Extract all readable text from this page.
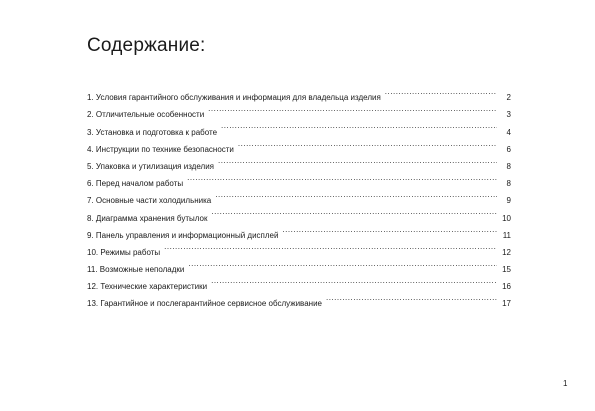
Содержание:
1. Условия гарантийного обслуживания и информация для владельца изделия .....	2
2. Отличительные особенности .....	3
3. Установка и подготовка к работе .....	4
4. Инструкции по технике безопасности .....	6
5. Упаковка и утилизация изделия .....	8
6. Перед началом работы .....	8
7. Основные части холодильника .....	9
8. Диаграмма хранения бутылок .....	10
9. Панель управления и информационный дисплей .....	11
10. Режимы работы .....	12
11. Возможные неполадки .....	15
12. Технические характеристики .....	16
13. Гарантийное и послегарантийное сервисное обслуживание .....	17
1
